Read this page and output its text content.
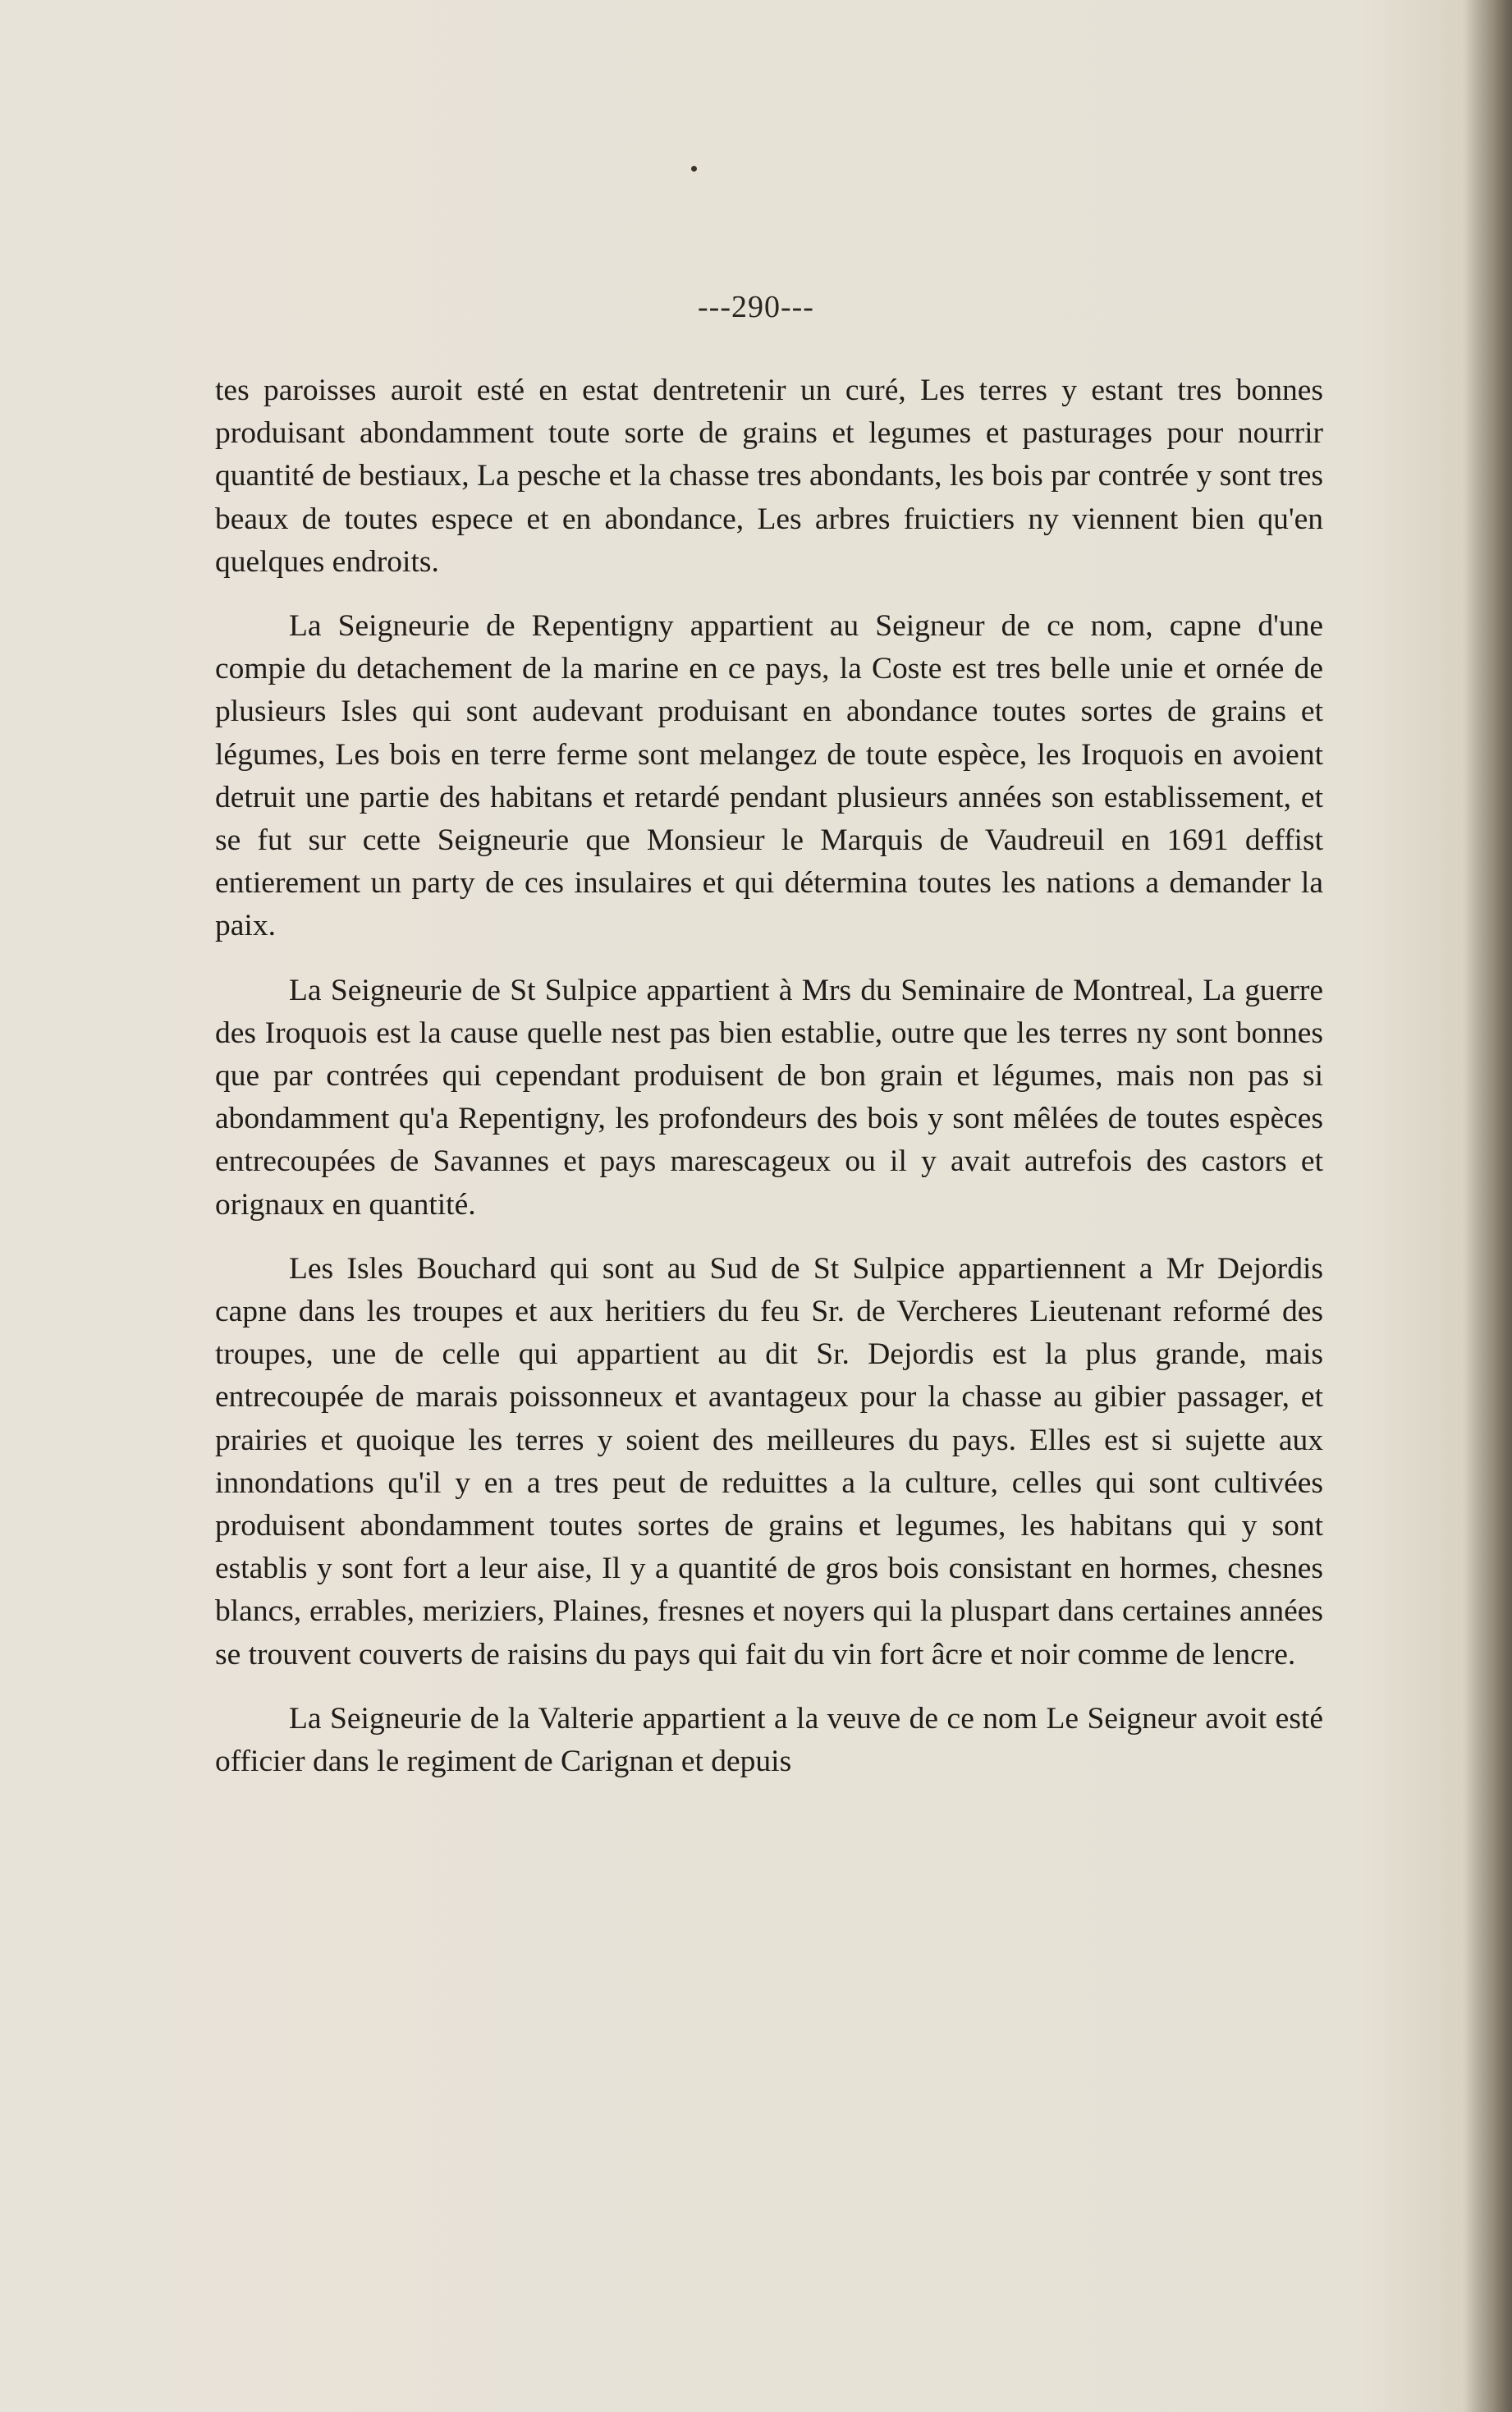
---290---

tes paroisses auroit esté en estat dentretenir un curé, Les terres y estant tres bonnes produisant abondamment toute sorte de grains et legumes et pasturages pour nourrir quantité de bestiaux, La pesche et la chasse tres abondants, les bois par contrée y sont tres beaux de toutes espece et en abondance, Les arbres fruictiers ny viennent bien qu'en quelques endroits.

La Seigneurie de Repentigny appartient au Seigneur de ce nom, capne d'une compie du detachement de la marine en ce pays, la Coste est tres belle unie et ornée de plusieurs Isles qui sont audevant produisant en abondance toutes sortes de grains et légumes, Les bois en terre ferme sont melangez de toute espèce, les Iroquois en avoient detruit une partie des habitans et retardé pendant plusieurs années son establissement, et se fut sur cette Seigneurie que Monsieur le Marquis de Vaudreuil en 1691 deffist entierement un party de ces insulaires et qui détermina toutes les nations a demander la paix.

La Seigneurie de St Sulpice appartient à Mrs du Seminaire de Montreal, La guerre des Iroquois est la cause quelle nest pas bien establie, outre que les terres ny sont bonnes que par contrées qui cependant produisent de bon grain et légumes, mais non pas si abondamment qu'a Repentigny, les profondeurs des bois y sont mêlées de toutes espèces entrecoupées de Savannes et pays marescageux ou il y avait autrefois des castors et orignaux en quantité.

Les Isles Bouchard qui sont au Sud de St Sulpice appartiennent a Mr Dejordis capne dans les troupes et aux heritiers du feu Sr. de Vercheres Lieutenant reformé des troupes, une de celle qui appartient au dit Sr. Dejordis est la plus grande, mais entrecoupée de marais poissonneux et avantageux pour la chasse au gibier passager, et prairies et quoique les terres y soient des meilleures du pays. Elles est si sujette aux innondations qu'il y en a tres peut de reduittes a la culture, celles qui sont cultivées produisent abondamment toutes sortes de grains et legumes, les habitans qui y sont establis y sont fort a leur aise, Il y a quantité de gros bois consistant en hormes, chesnes blancs, errables, meriziers, Plaines, fresnes et noyers qui la pluspart dans certaines années se trouvent couverts de raisins du pays qui fait du vin fort âcre et noir comme de lencre.

La Seigneurie de la Valterie appartient a la veuve de ce nom Le Seigneur avoit esté officier dans le regiment de Carignan et depuis
